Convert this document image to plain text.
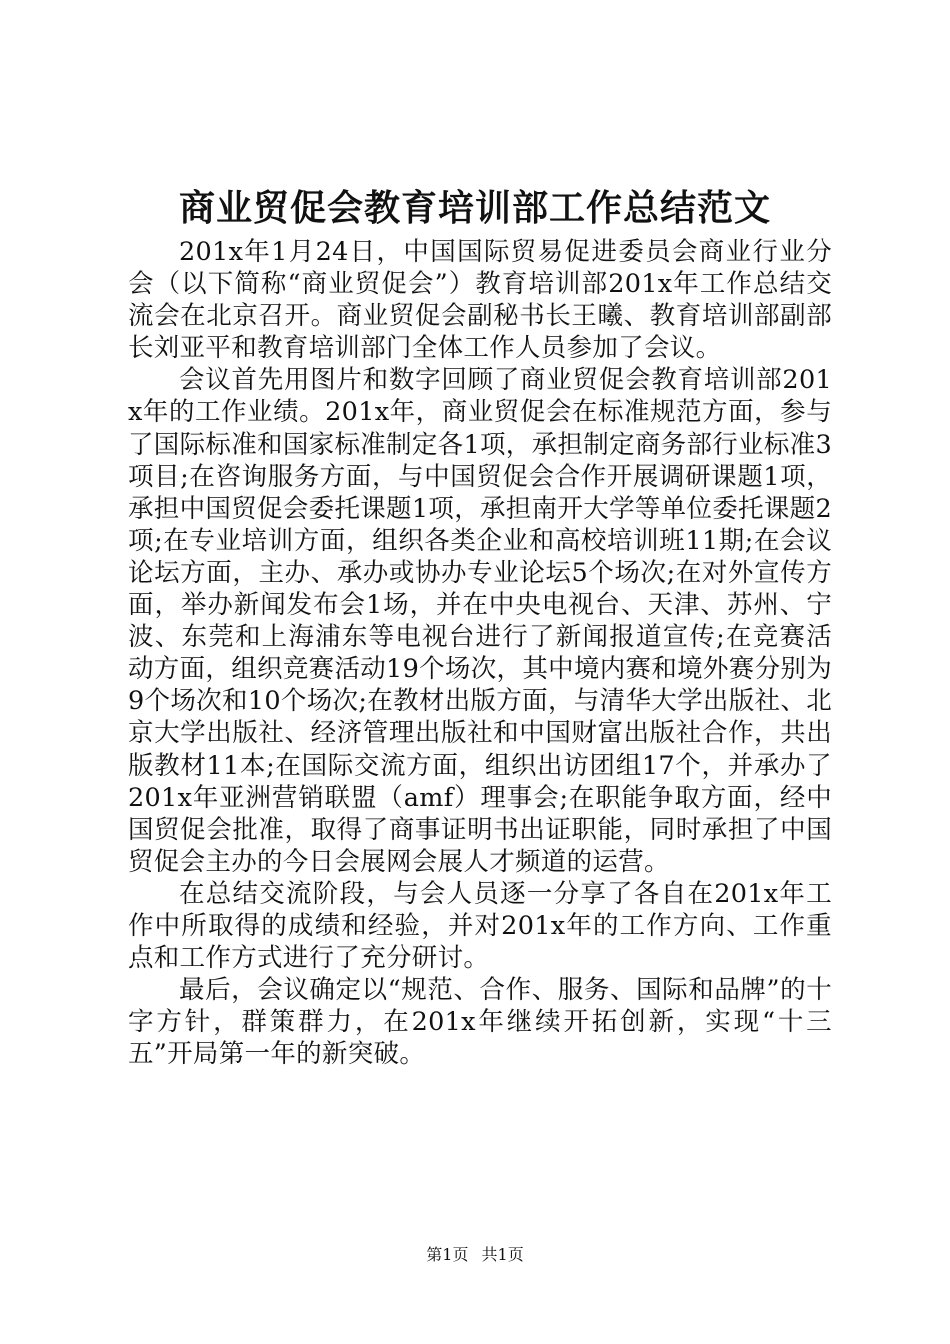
商业贸促会教育培训部工作总结范文

201x年1月24日，中国国际贸易促进委员会商业行业分会（以下简称“商业贸促会”）教育培训部201x年工作总结交流会在北京召开。商业贸促会副秘书长王曦、教育培训部副部长刘亚平和教育培训部门全体工作人员参加了会议。

会议首先用图片和数字回顾了商业贸促会教育培训部201x年的工作业绩。201x年，商业贸促会在标准规范方面，参与了国际标准和国家标准制定各1项，承担制定商务部行业标准3项目;在咨询服务方面，与中国贸促会合作开展调研课题1项，承担中国贸促会委托课题1项，承担南开大学等单位委托课题2项;在专业培训方面，组织各类企业和高校培训班11期;在会议论坛方面，主办、承办或协办专业论坛5个场次;在对外宣传方面，举办新闻发布会1场，并在中央电视台、天津、苏州、宁波、东莞和上海浦东等电视台进行了新闻报道宣传;在竞赛活动方面，组织竞赛活动19个场次，其中境内赛和境外赛分别为9个场次和10个场次;在教材出版方面，与清华大学出版社、北京大学出版社、经济管理出版社和中国财富出版社合作，共出版教材11本;在国际交流方面，组织出访团组17个，并承办了201x年亚洲营销联盟（amf）理事会;在职能争取方面，经中国贸促会批准，取得了商事证明书出证职能，同时承担了中国贸促会主办的今日会展网会展人才频道的运营。

在总结交流阶段，与会人员逐一分享了各自在201x年工作中所取得的成绩和经验，并对201x年的工作方向、工作重点和工作方式进行了充分研讨。

最后，会议确定以“规范、合作、服务、国际和品牌”的十字方针，群策群力，在201x年继续开拓创新，实现“十三五”开局第一年的新突破。

第1页 共1页
